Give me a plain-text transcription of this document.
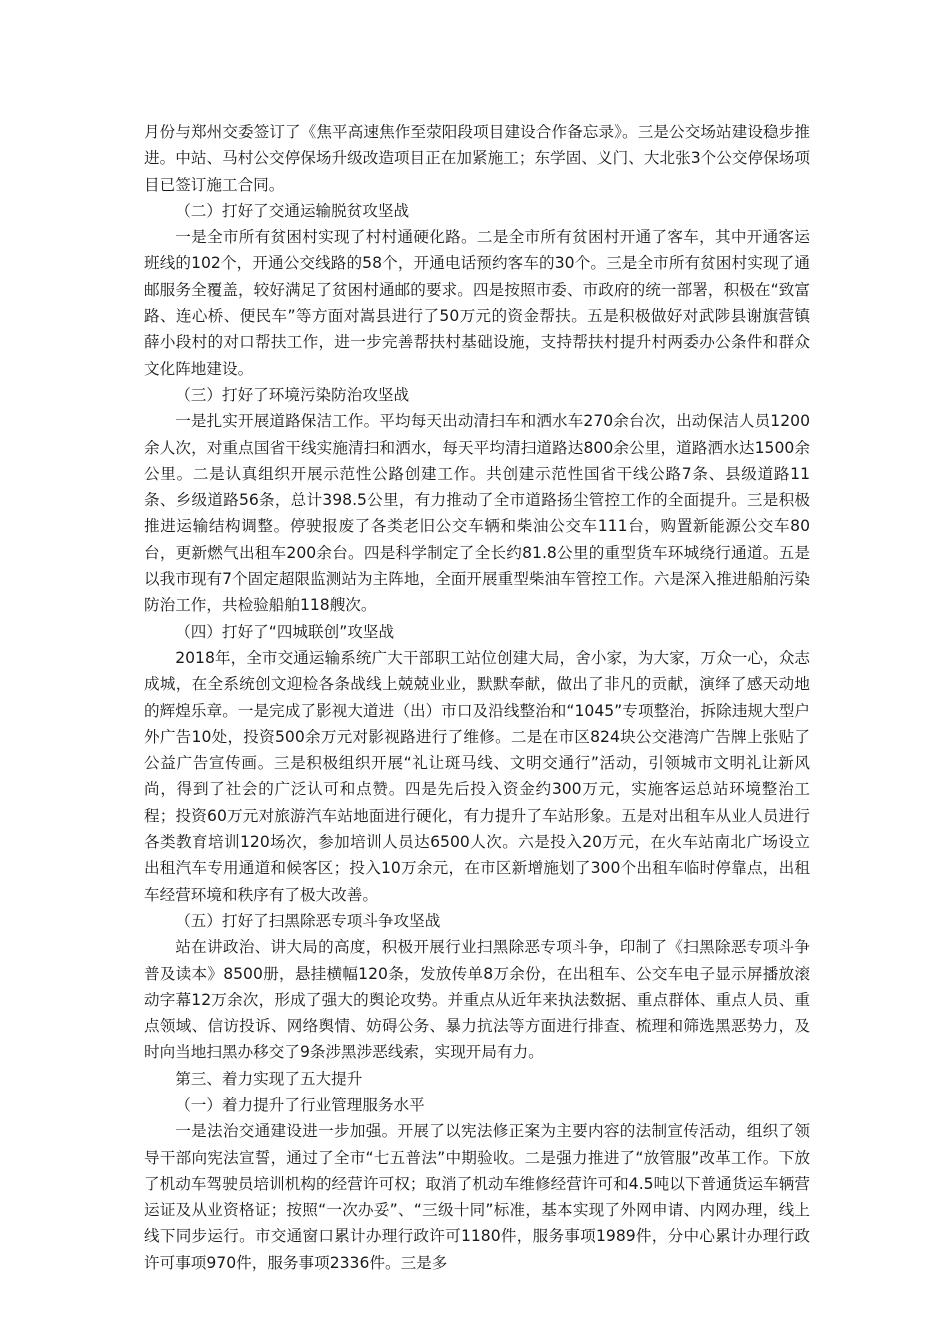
月份与郑州交委签订了《焦平高速焦作至荥阳段项目建设合作备忘录》。三是公交场站建设稳步推进。中站、马村公交停保场升级改造项目正在加紧施工；东学固、义门、大北张3个公交停保场项目已签订施工合同。

（二）打好了交通运输脱贫攻坚战

一是全市所有贫困村实现了村村通硬化路。二是全市所有贫困村开通了客车，其中开通客运班线的102个，开通公交线路的58个，开通电话预约客车的30个。三是全市所有贫困村实现了通邮服务全覆盖，较好满足了贫困村通邮的要求。四是按照市委、市政府的统一部署，积极在“致富路、连心桥、便民车”等方面对嵩县进行了50万元的资金帮扶。五是积极做好对武陟县谢旗营镇薛小段村的对口帮扶工作，进一步完善帮扶村基础设施，支持帮扶村提升村两委办公条件和群众文化阵地建设。

（三）打好了环境污染防治攻坚战

一是扎实开展道路保洁工作。平均每天出动清扫车和洒水车270余台次，出动保洁人员1200余人次，对重点国省干线实施清扫和洒水，每天平均清扫道路达800余公里，道路洒水达1500余公里。二是认真组织开展示范性公路创建工作。共创建示范性国省干线公路7条、县级道路11条、乡级道路56条，总计398.5公里，有力推动了全市道路扬尘管控工作的全面提升。三是积极推进运输结构调整。停驶报废了各类老旧公交车辆和柴油公交车111台，购置新能源公交车80台，更新燃气出租车200余台。四是科学制定了全长约81.8公里的重型货车环城绕行通道。五是以我市现有7个固定超限监测站为主阵地，全面开展重型柴油车管控工作。六是深入推进船舶污染防治工作，共检验船舶118艘次。

（四）打好了“四城联创”攻坚战

2018年，全市交通运输系统广大干部职工站位创建大局，舍小家，为大家，万众一心，众志成城，在全系统创文迎检各条战线上兢兢业业，默默奉献，做出了非凡的贡献，演绎了感天动地的辉煌乐章。一是完成了影视大道进（出）市口及沿线整治和“1045”专项整治，拆除违规大型户外广告10处，投资500余万元对影视路进行了维修。二是在市区824块公交港湾广告牌上张贴了公益广告宣传画。三是积极组织开展“礼让斑马线、文明交通行”活动，引领城市文明礼让新风尚，得到了社会的广泛认可和点赞。四是先后投入资金约300万元，实施客运总站环境整治工程；投资60万元对旅游汽车站地面进行硬化，有力提升了车站形象。五是对出租车从业人员进行各类教育培训120场次，参加培训人员达6500人次。六是投入20万元，在火车站南北广场设立出租汽车专用通道和候客区；投入10万余元，在市区新增施划了300个出租车临时停靠点，出租车经营环境和秩序有了极大改善。

（五）打好了扫黑除恶专项斗争攻坚战

站在讲政治、讲大局的高度，积极开展行业扫黑除恶专项斗争，印制了《扫黑除恶专项斗争普及读本》8500册，悬挂横幅120条，发放传单8万余份，在出租车、公交车电子显示屏播放滚动字幕12万余次，形成了强大的舆论攻势。并重点从近年来执法数据、重点群体、重点人员、重点领域、信访投诉、网络舆情、妨碍公务、暴力抗法等方面进行排查、梳理和筛选黑恶势力，及时向当地扫黑办移交了9条涉黑涉恶线索，实现开局有力。

第三、着力实现了五大提升

（一）着力提升了行业管理服务水平

一是法治交通建设进一步加强。开展了以宪法修正案为主要内容的法制宣传活动，组织了领导干部向宪法宣誓，通过了全市“七五普法”中期验收。二是强力推进了“放管服”改革工作。下放了机动车驾驶员培训机构的经营许可权；取消了机动车维修经营许可和4.5吨以下普通货运车辆营运证及从业资格证；按照“一次办妥”、“三级十同”标准，基本实现了外网申请、内网办理，线上线下同步运行。市交通窗口累计办理行政许可1180件，服务事项1989件，分中心累计办理行政许可事项970件，服务事项2336件。三是多
